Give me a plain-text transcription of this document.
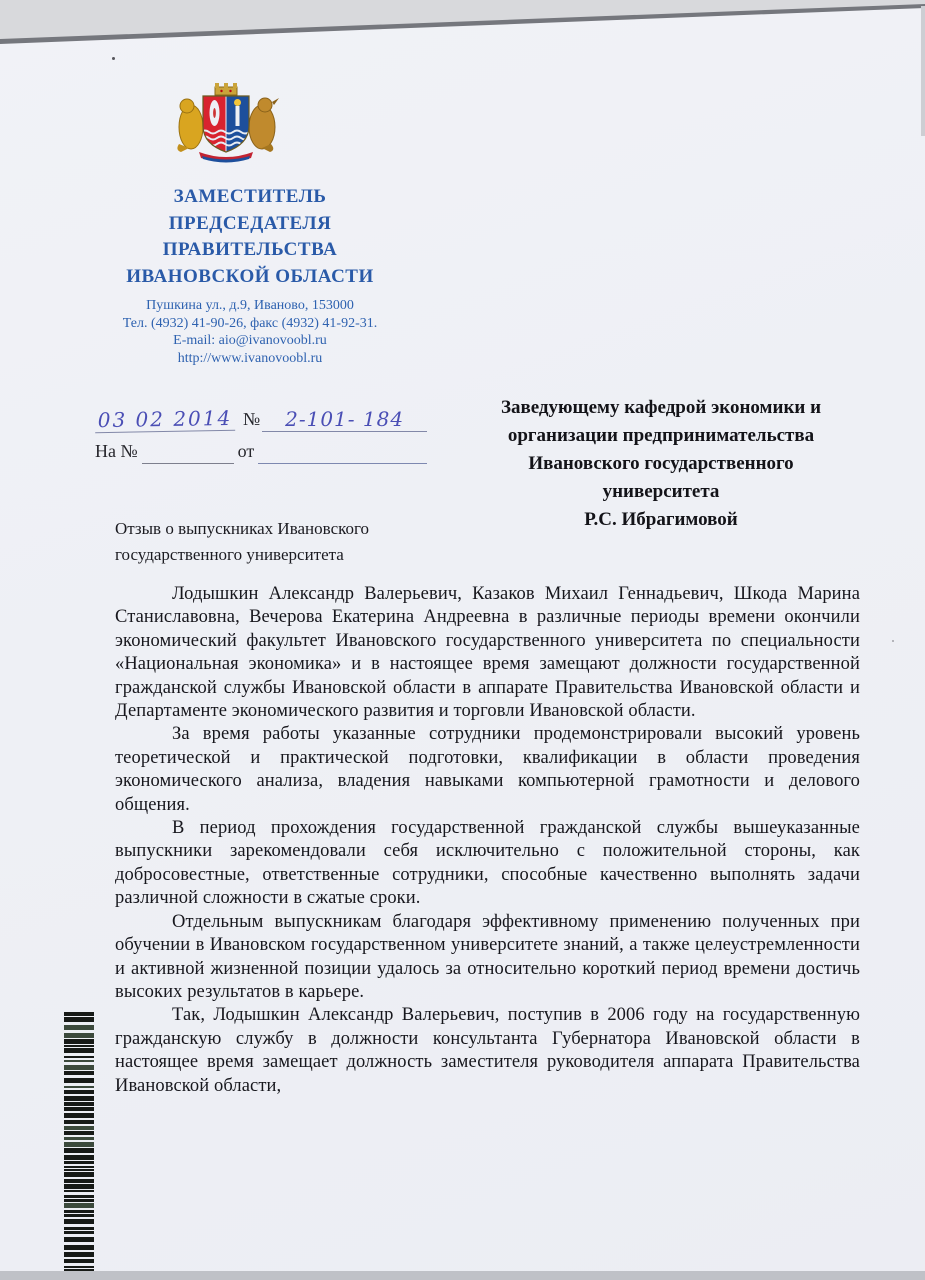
ЗАМЕСТИТЕЛЬ
ПРЕДСЕДАТЕЛЯ
ПРАВИТЕЛЬСТВА
ИВАНОВСКОЙ ОБЛАСТИ
Пушкина ул., д.9, Иваново, 153000
Тел. (4932) 41-90-26, факс (4932) 41-92-31.
E-mail: aio@ivanovoobl.ru
http://www.ivanovoobl.ru
03 02 2014 №	2-101- 184
На №	от
Заведующему кафедрой экономики и
организации предпринимательства
Ивановского государственного
университета
Р.С. Ибрагимовой
Отзыв о выпускниках Ивановского государственного университета

Лодышкин Александр Валерьевич, Казаков Михаил Геннадьевич, Шкода Марина Станиславовна, Вечерова Екатерина Андреевна в различные периоды времени окончили экономический факультет Ивановского государственного университета по специальности «Национальная экономика» и в настоящее время замещают должности государственной гражданской службы Ивановской области в аппарате Правительства Ивановской области и Департаменте экономического развития и торговли Ивановской области.

За время работы указанные сотрудники продемонстрировали высокий уровень теоретической и практической подготовки, квалификации в области проведения экономического анализа, владения навыками компьютерной грамотности и делового общения.

В период прохождения государственной гражданской службы вышеуказанные выпускники зарекомендовали себя исключительно с положительной стороны, как добросовестные, ответственные сотрудники, способные качественно выполнять задачи различной сложности в сжатые сроки.

Отдельным выпускникам благодаря эффективному применению полученных при обучении в Ивановском государственном университете знаний, а также целеустремленности и активной жизненной позиции удалось за относительно короткий период времени достичь высоких результатов в карьере.

Так, Лодышкин Александр Валерьевич, поступив в 2006 году на государственную гражданскую службу в должности консультанта Губернатора Ивановской области в настоящее время замещает должность заместителя руководителя аппарата Правительства Ивановской области,
